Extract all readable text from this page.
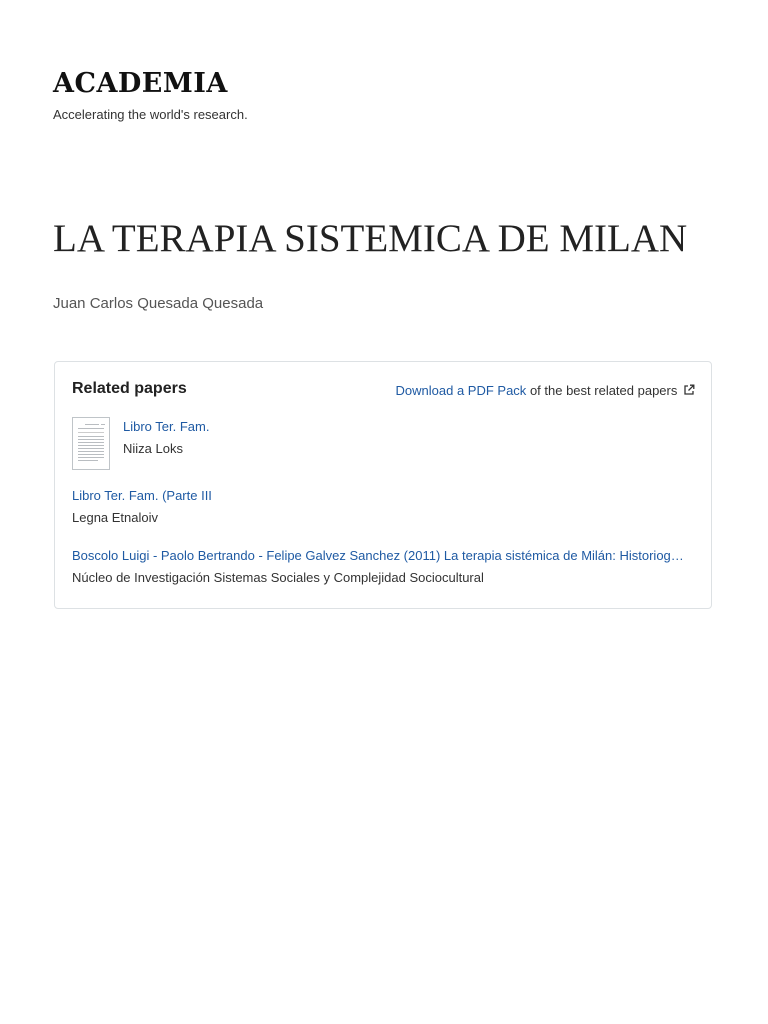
ACADEMIA
Accelerating the world's research.
LA TERAPIA SISTEMICA DE MILAN
Juan Carlos Quesada Quesada
Related papers	Download a PDF Pack of the best related papers
Libro Ter. Fam.
Niiza Loks
Libro Ter. Fam. (Parte III
Legna Etnaloiv
Boscolo Luigi - Paolo Bertrando - Felipe Galvez Sanchez (2011) La terapia sistémica de Milán: Historiog…
Núcleo de Investigación Sistemas Sociales y Complejidad Sociocultural
